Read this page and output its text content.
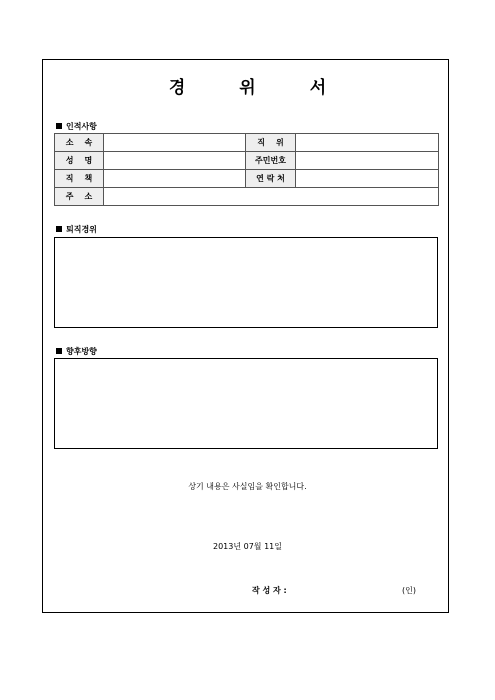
경	위	서
인적사항
소    속		직    위	
성    명		주민번호	
직    책		연 락 처	
주    소			
퇴직경위
향후방향
상기 내용은 사실임을 확인합니다.
2013년 07월 11일
작 성 자 :	(인)
